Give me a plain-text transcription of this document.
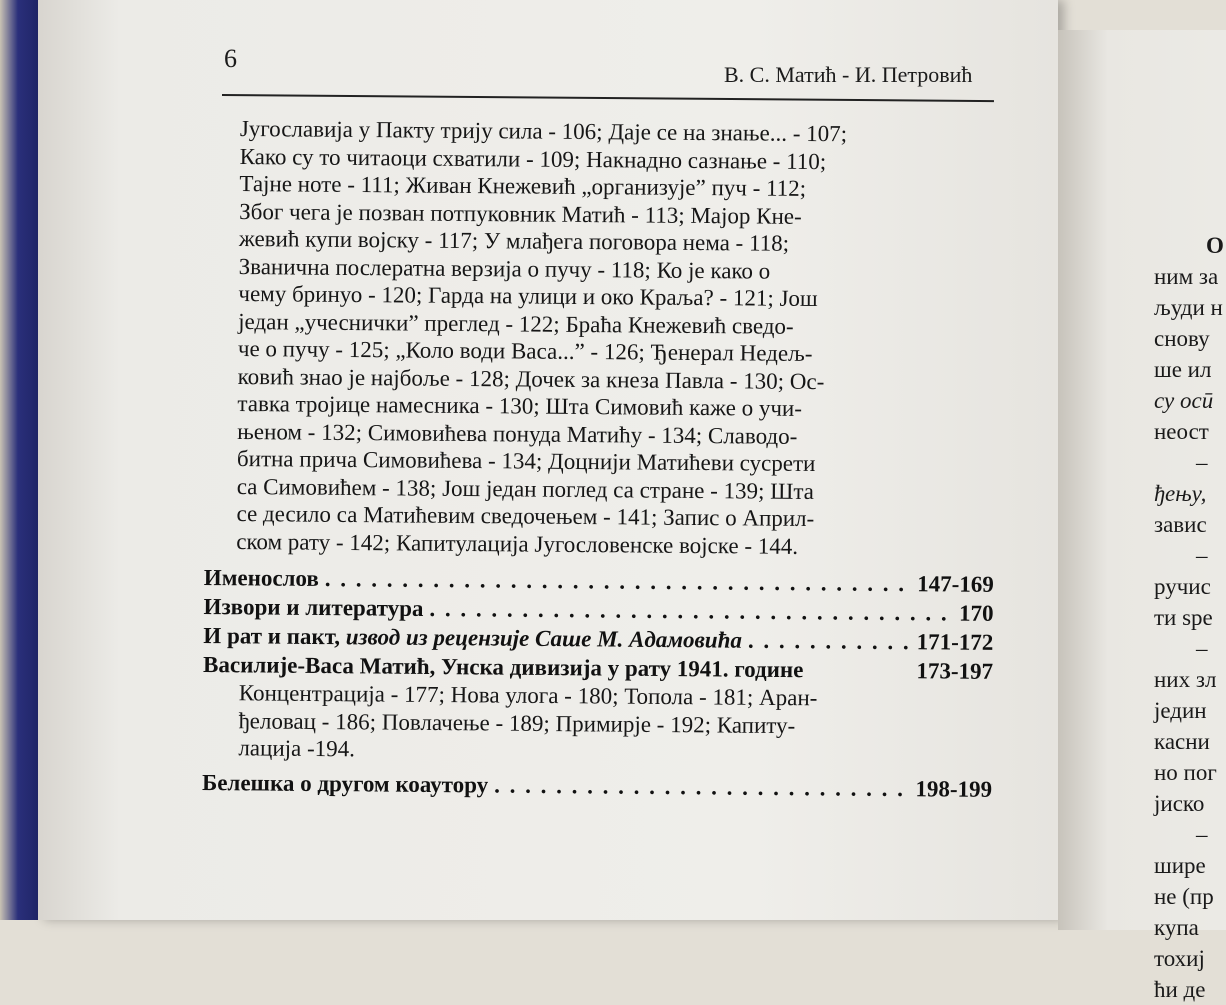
6
В. С. Матић - И. Петровић
Југославија у Пакту трију сила - 106; Даје се на знање... - 107;
Како су то читаоци схватили - 109; Накнадно сазнање - 110;
Тајне ноте - 111; Живан Кнежевић „организује” пуч - 112;
Због чега је позван потпуковник Матић - 113; Мајор Кне-
жевић купи војску - 117; У млађега поговора нема - 118;
Званична послератна верзија о пучу - 118; Ко је како о
чему бринуо - 120; Гарда на улици и око Краља? - 121; Још
један „учеснички” преглед - 122; Браћа Кнежевић сведо-
че о пучу - 125; „Коло води Васа...” - 126; Ђенерал Недељ-
ковић знао је најбоље - 128; Дочек за кнеза Павла - 130; Ос-
тавка тројице намесника - 130; Шта Симовић каже о учи-
њеном - 132; Симовићева понуда Матићу - 134; Славодо-
битна прича Симовићева - 134; Доцнији Матићеви сусрети
са Симовићем - 138; Још један поглед са стране - 139; Шта
се десило са Матићевим сведочењем - 141; Запис о Aприл-
ском рату - 142; Капитулација Југословенске војске - 144.
Именослов . . .	147-169
Извори и литература . . .	170
И рат и пакт, извод из рецензије Саше М. Адамовића . . .	171-172
Василије-Васа Матић, Унска дивизија у рату 1941. године	173-197
Концентрација - 177; Нова улога - 180; Топола - 181; Аран-
ђеловац - 186; Повлачење - 189; Примирје - 192; Капиту-
лација -194.
Белешка о другом коаутору . . .	198-199
О
ним за
људи н
снову
ше ил
су осӣ
неост
–
ђењу,
завис
–
ручис
ти spe
–
них зл
једин
касни
но пог
јиско
–
шире
не (пр
купа
тохиј
ћи де
